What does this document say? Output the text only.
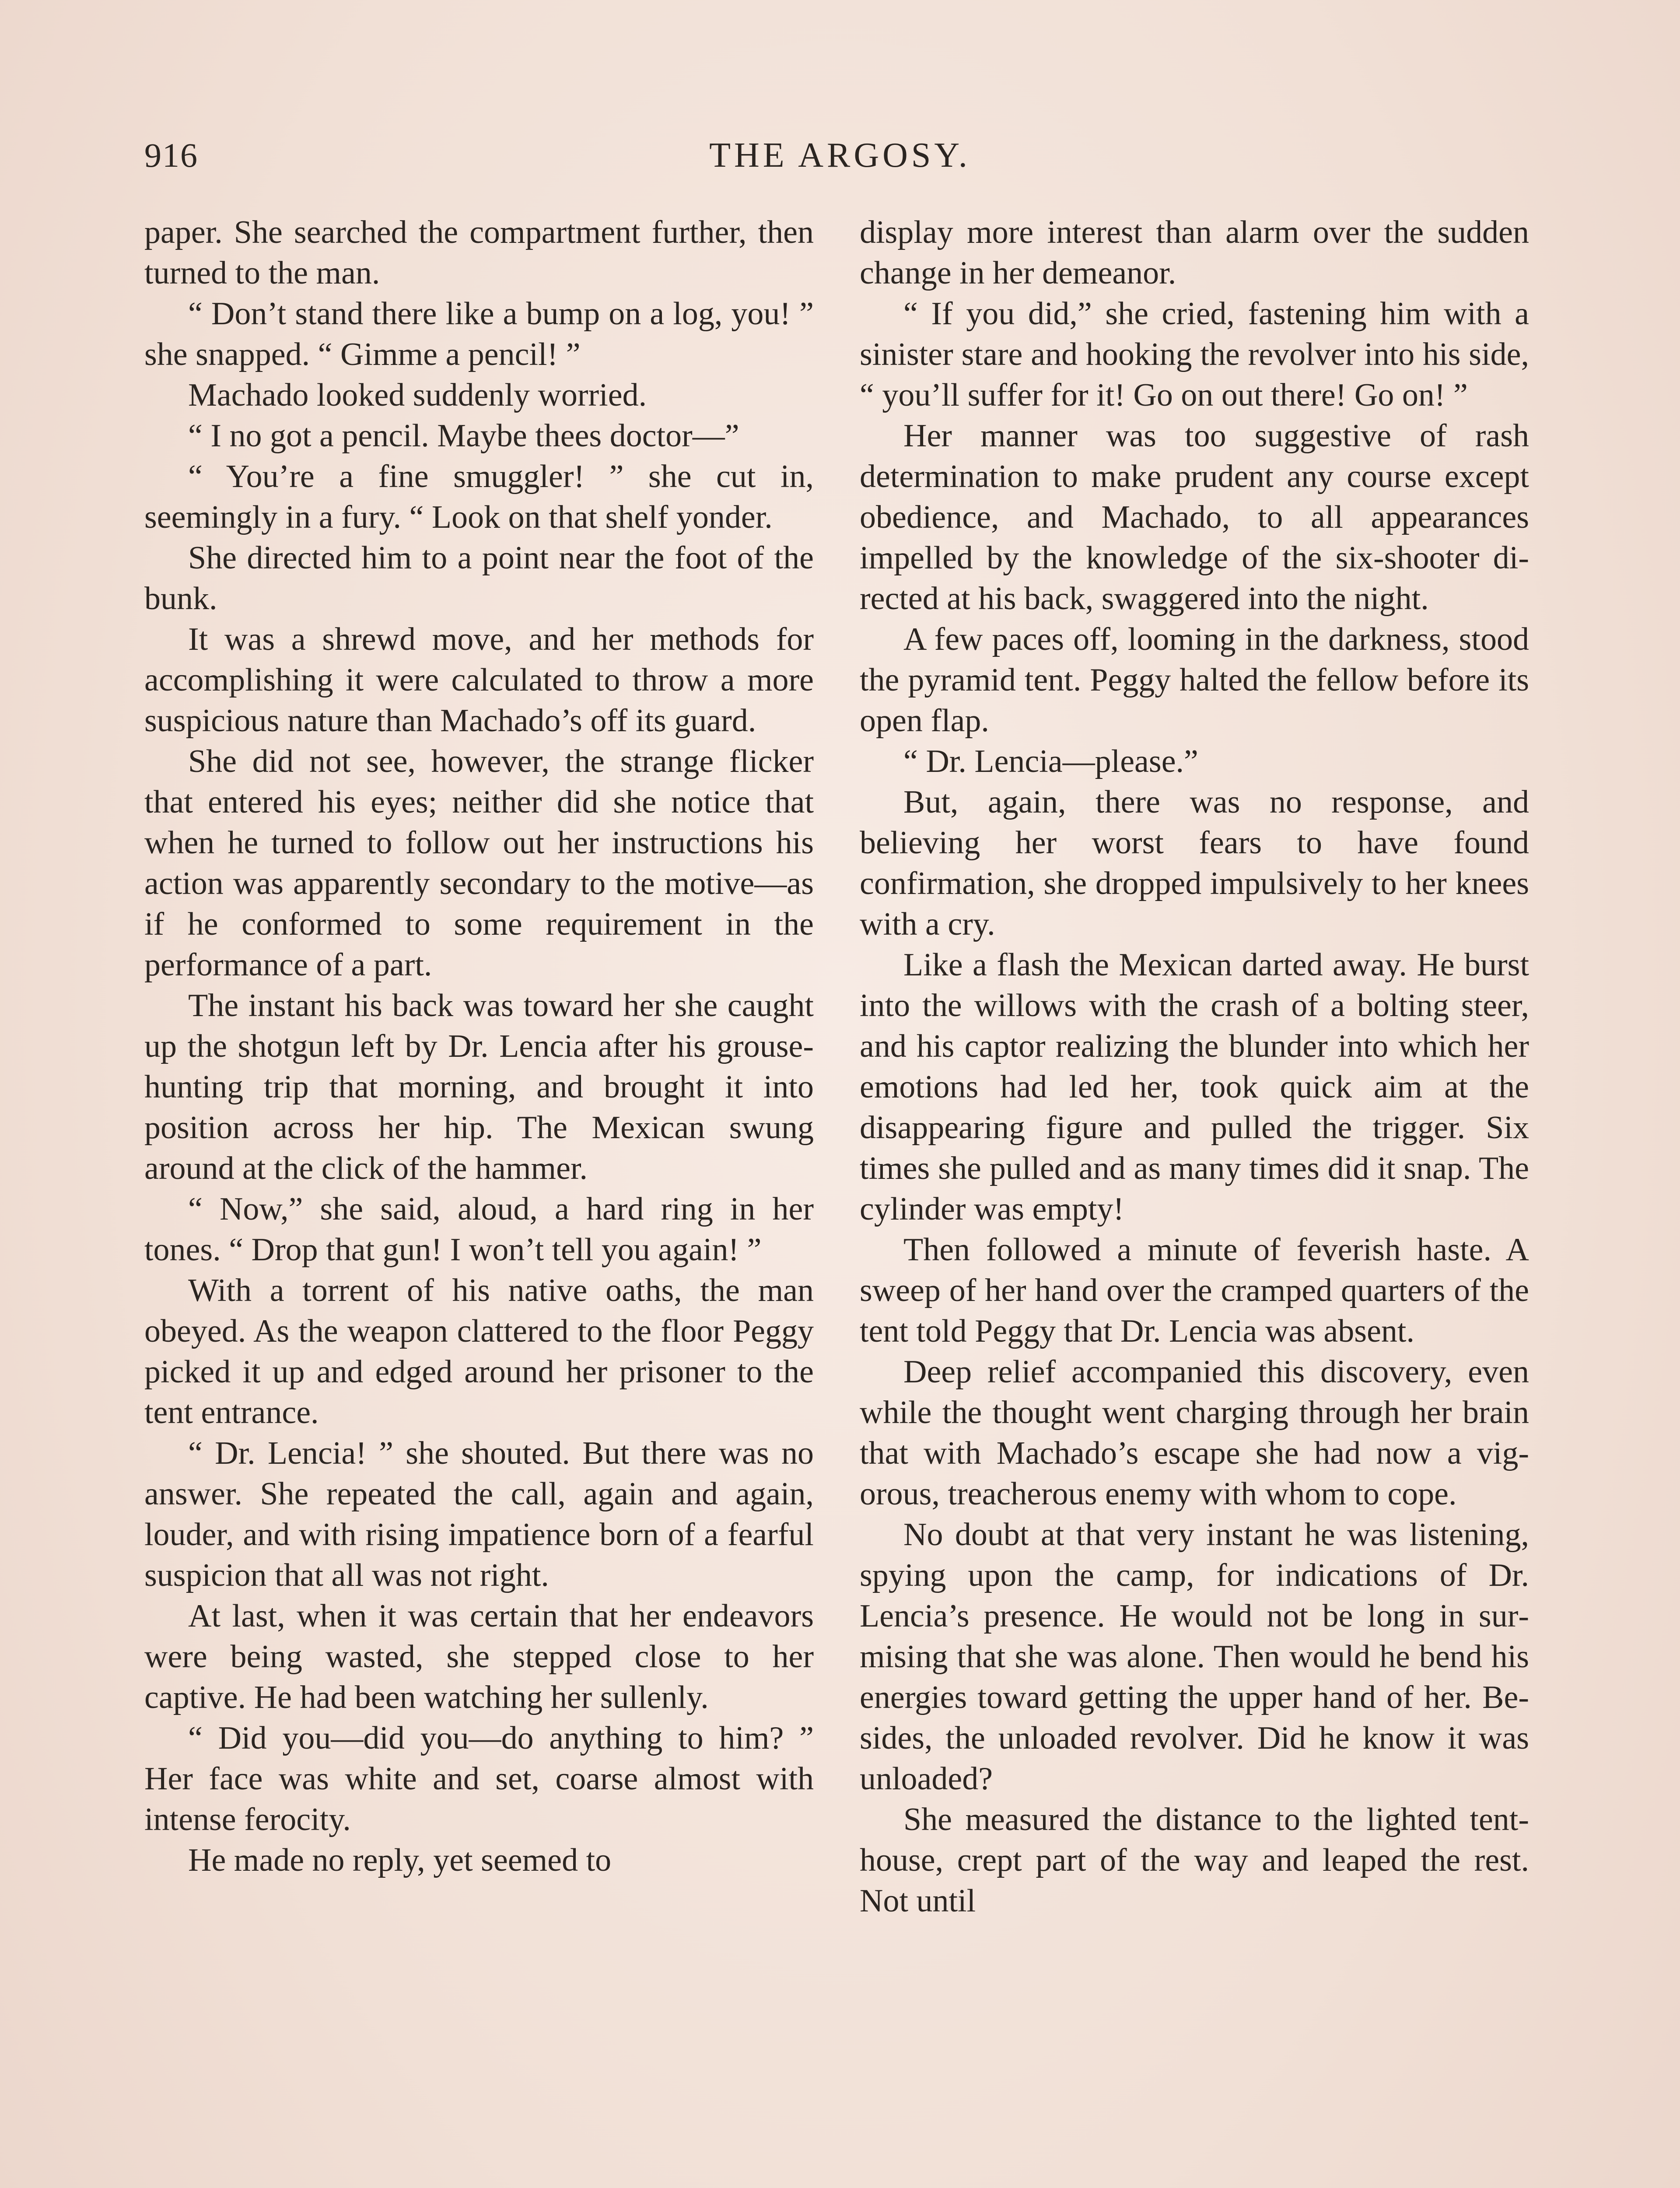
916	THE ARGOSY.

paper. She searched the compartment further, then turned to the man.

“ Don’t stand there like a bump on a log, you! ” she snapped. “ Gimme a pencil! ”

Machado looked suddenly worried.

“ I no got a pencil. Maybe thees doctor—”

“ You’re a fine smuggler! ” she cut in, seemingly in a fury. “ Look on that shelf yonder.

She directed him to a point near the foot of the bunk.

It was a shrewd move, and her methods for accomplishing it were calculated to throw a more suspicious nature than Machado’s off its guard.

She did not see, however, the strange flicker that entered his eyes; neither did she notice that when he turned to follow out her instructions his action was apparently secondary to the motive—as if he conformed to some requirement in the performance of a part.

The instant his back was toward her she caught up the shotgun left by Dr. Lencia after his grouse-hunting trip that morning, and brought it into position across her hip. The Mexican swung around at the click of the hammer.

“ Now,” she said, aloud, a hard ring in her tones. “ Drop that gun! I won’t tell you again! ”

With a torrent of his native oaths, the man obeyed. As the weapon clattered to the floor Peggy picked it up and edged around her prisoner to the tent entrance.

“ Dr. Lencia! ” she shouted. But there was no answer. She repeated the call, again and again, louder, and with rising impatience born of a fearful suspicion that all was not right.

At last, when it was certain that her endeavors were being wasted, she stepped close to her captive. He had been watching her sullenly.

“ Did you—did you—do anything to him? ” Her face was white and set, coarse almost with intense ferocity.

He made no reply, yet seemed to

display more interest than alarm over the sudden change in her demeanor.

“ If you did,” she cried, fastening him with a sinister stare and hooking the revolver into his side, “ you’ll suffer for it! Go on out there! Go on! ”

Her manner was too suggestive of rash determination to make prudent any course except obedience, and Machado, to all appearances impelled by the knowledge of the six-shooter directed at his back, swaggered into the night.

A few paces off, looming in the darkness, stood the pyramid tent. Peggy halted the fellow before its open flap.

“ Dr. Lencia—please.”

But, again, there was no response, and believing her worst fears to have found confirmation, she dropped impulsively to her knees with a cry.

Like a flash the Mexican darted away. He burst into the willows with the crash of a bolting steer, and his captor realizing the blunder into which her emotions had led her, took quick aim at the disappearing figure and pulled the trigger. Six times she pulled and as many times did it snap. The cylinder was empty!

Then followed a minute of feverish haste. A sweep of her hand over the cramped quarters of the tent told Peggy that Dr. Lencia was absent.

Deep relief accompanied this discovery, even while the thought went charging through her brain that with Machado’s escape she had now a vigorous, treacherous enemy with whom to cope.

No doubt at that very instant he was listening, spying upon the camp, for indications of Dr. Lencia’s presence. He would not be long in surmising that she was alone. Then would he bend his energies toward getting the upper hand of her. Besides, the unloaded revolver. Did he know it was unloaded?

She measured the distance to the lighted tent-house, crept part of the way and leaped the rest. Not until
